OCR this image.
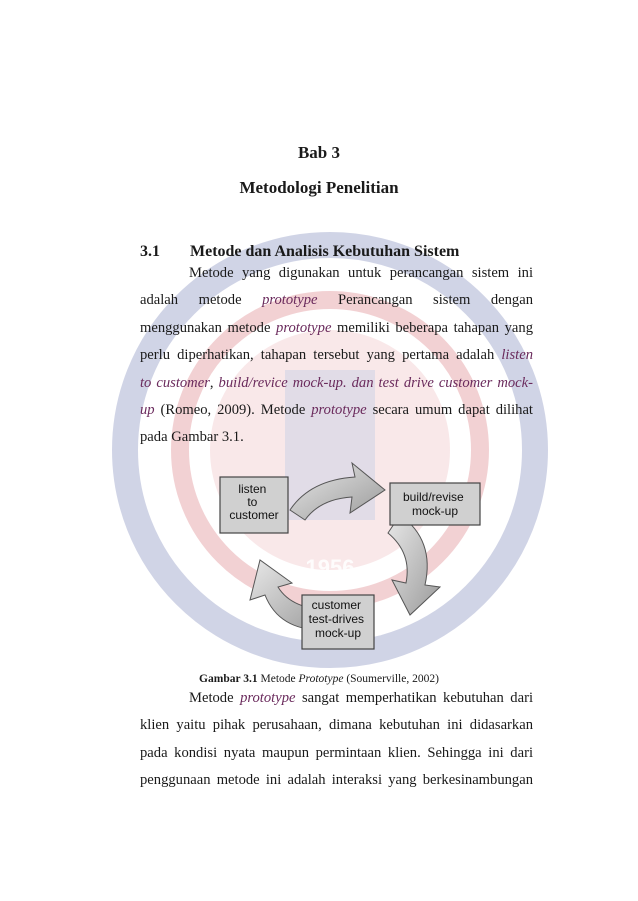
Bab 3
Metodologi Penelitian
3.1 Metode dan Analisis Kebutuhan Sistem
Metode yang digunakan untuk perancangan sistem ini
adalah metode prototype Perancangan sistem dengan
menggunakan metode prototype memiliki beberapa tahapan yang
perlu diperhatikan, tahapan tersebut yang pertama adalah listen
to customer, build/revice mock-up. dan test drive customer mock-
up (Romeo, 2009). Metode prototype secara umum dapat dilihat
pada Gambar 3.1.
listen to customer
build/revise mock-up
customer test-drives mock-up
1956
Gambar 3.1 Metode Prototype (Soumerville, 2002)
Metode prototype sangat memperhatikan kebutuhan dari
klien yaitu pihak perusahaan, dimana kebutuhan ini didasarkan
pada kondisi nyata maupun permintaan klien. Sehingga ini dari
penggunaan metode ini adalah interaksi yang berkesinambungan
